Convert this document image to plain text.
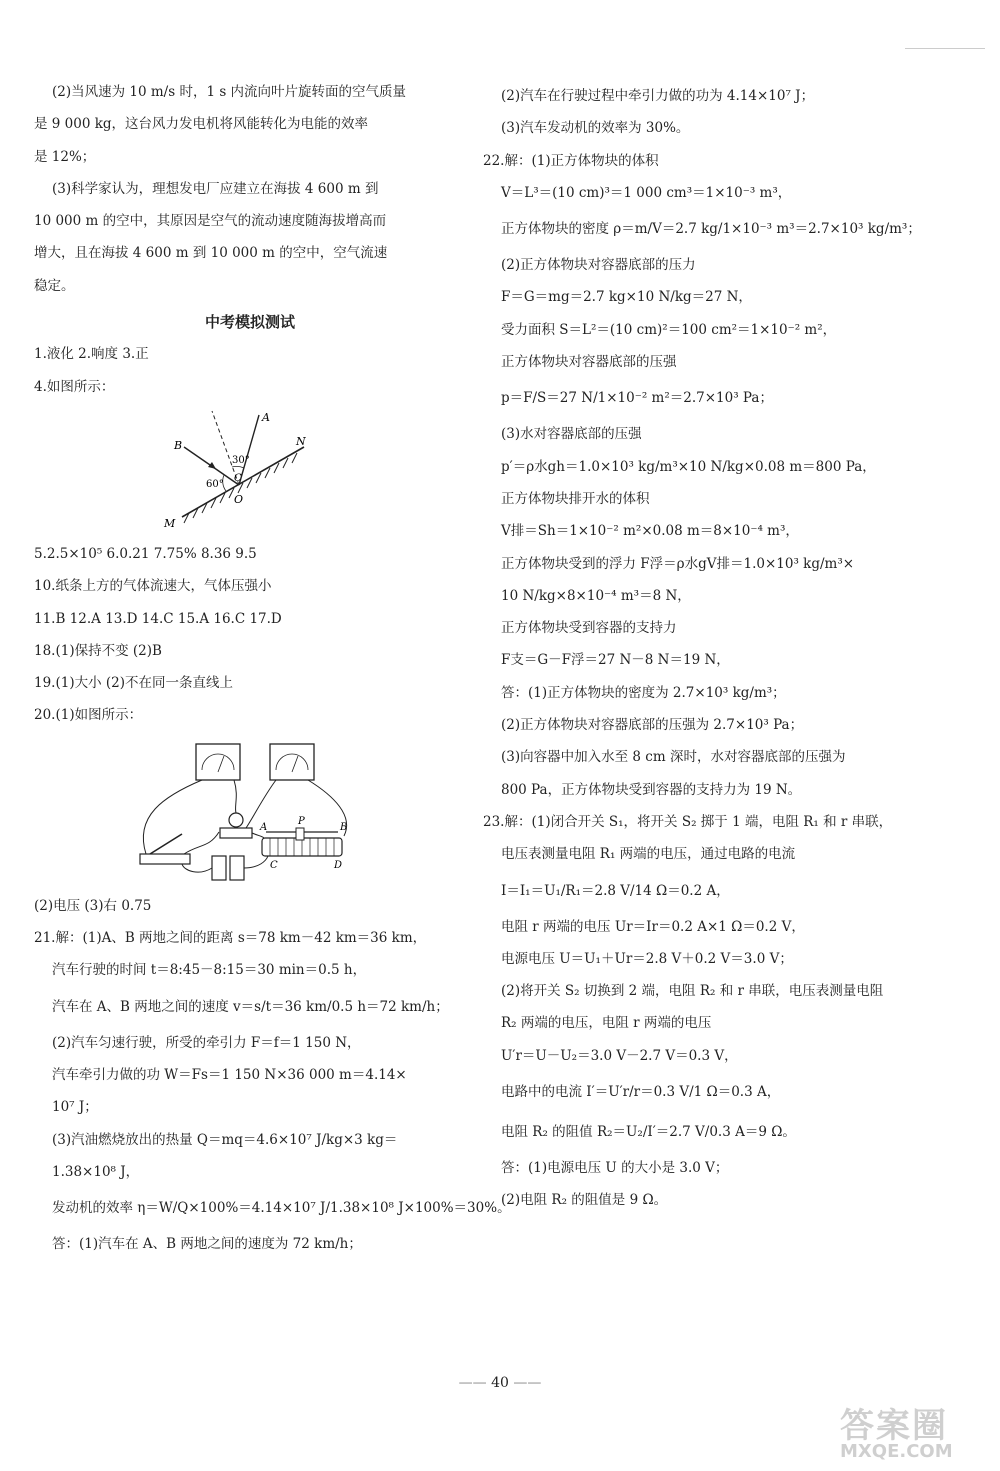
(2)当风速为 10 m/s 时，1 s 内流向叶片旋转面的空气质量
是 9 000 kg，这台风力发电机将风能转化为电能的效率
是 12%；
(3)科学家认为，理想发电厂应建立在海拔 4 600 m 到
10 000 m 的空中，其原因是空气的流动速度随海拔增高而
增大，且在海拔 4 600 m 到 10 000 m 的空中，空气流速
稳定。
中考模拟测试
1.液化 2.响度 3.正
4.如图所示：
A
B
30°
60°
C
O
M
N
5.2.5×10⁵ 6.0.21 7.75% 8.36 9.5
10.纸条上方的气体流速大，气体压强小
11.B 12.A 13.D 14.C 15.A 16.C 17.D
18.(1)保持不变 (2)B
19.(1)大小 (2)不在同一条直线上
20.(1)如图所示：
A
P
B
C	D
(2)电压 (3)右 0.75
21.解：(1)A、B 两地之间的距离 s＝78 km－42 km＝36 km，
汽车行驶的时间 t＝8:45－8:15＝30 min＝0.5 h，
汽车在 A、B 两地之间的速度 v＝s/t＝36 km/0.5 h＝72 km/h；
(2)汽车匀速行驶，所受的牵引力 F＝f＝1 150 N，
汽车牵引力做的功 W＝Fs＝1 150 N×36 000 m＝4.14×
10⁷ J；
(3)汽油燃烧放出的热量 Q＝mq＝4.6×10⁷ J/kg×3 kg＝
1.38×10⁸ J，
发动机的效率 η＝W/Q×100%＝4.14×10⁷ J/1.38×10⁸ J×100%＝30%。
答：(1)汽车在 A、B 两地之间的速度为 72 km/h；
(2)汽车在行驶过程中牵引力做的功为 4.14×10⁷ J；
(3)汽车发动机的效率为 30%。
22.解：(1)正方体物块的体积
V＝L³＝(10 cm)³＝1 000 cm³＝1×10⁻³ m³，
正方体物块的密度 ρ＝m/V＝2.7 kg/1×10⁻³ m³＝2.7×10³ kg/m³；
(2)正方体物块对容器底部的压力
F＝G＝mg＝2.7 kg×10 N/kg＝27 N，
受力面积 S＝L²＝(10 cm)²＝100 cm²＝1×10⁻² m²，
正方体物块对容器底部的压强
p＝F/S＝27 N/1×10⁻² m²＝2.7×10³ Pa；
(3)水对容器底部的压强
p′＝ρ水gh＝1.0×10³ kg/m³×10 N/kg×0.08 m＝800 Pa，
正方体物块排开水的体积
V排＝Sh＝1×10⁻² m²×0.08 m＝8×10⁻⁴ m³，
正方体物块受到的浮力 F浮＝ρ水gV排＝1.0×10³ kg/m³×
10 N/kg×8×10⁻⁴ m³＝8 N，
正方体物块受到容器的支持力
F支＝G－F浮＝27 N－8 N＝19 N，
答：(1)正方体物块的密度为 2.7×10³ kg/m³；
(2)正方体物块对容器底部的压强为 2.7×10³ Pa；
(3)向容器中加入水至 8 cm 深时，水对容器底部的压强为
800 Pa，正方体物块受到容器的支持力为 19 N。
23.解：(1)闭合开关 S₁，将开关 S₂ 掷于 1 端，电阻 R₁ 和 r 串联，
电压表测量电阻 R₁ 两端的电压，通过电路的电流
I＝I₁＝U₁/R₁＝2.8 V/14 Ω＝0.2 A，
电阻 r 两端的电压 Ur＝Ir＝0.2 A×1 Ω＝0.2 V，
电源电压 U＝U₁＋Ur＝2.8 V＋0.2 V＝3.0 V；
(2)将开关 S₂ 切换到 2 端，电阻 R₂ 和 r 串联，电压表测量电阻
R₂ 两端的电压，电阻 r 两端的电压
U′r＝U－U₂＝3.0 V－2.7 V＝0.3 V，
电路中的电流 I′＝U′r/r＝0.3 V/1 Ω＝0.3 A，
电阻 R₂ 的阻值 R₂＝U₂/I′＝2.7 V/0.3 A＝9 Ω。
答：(1)电源电压 U 的大小是 3.0 V；
(2)电阻 R₂ 的阻值是 9 Ω。
—— 40 ——
答案圈
MXQE.COM
